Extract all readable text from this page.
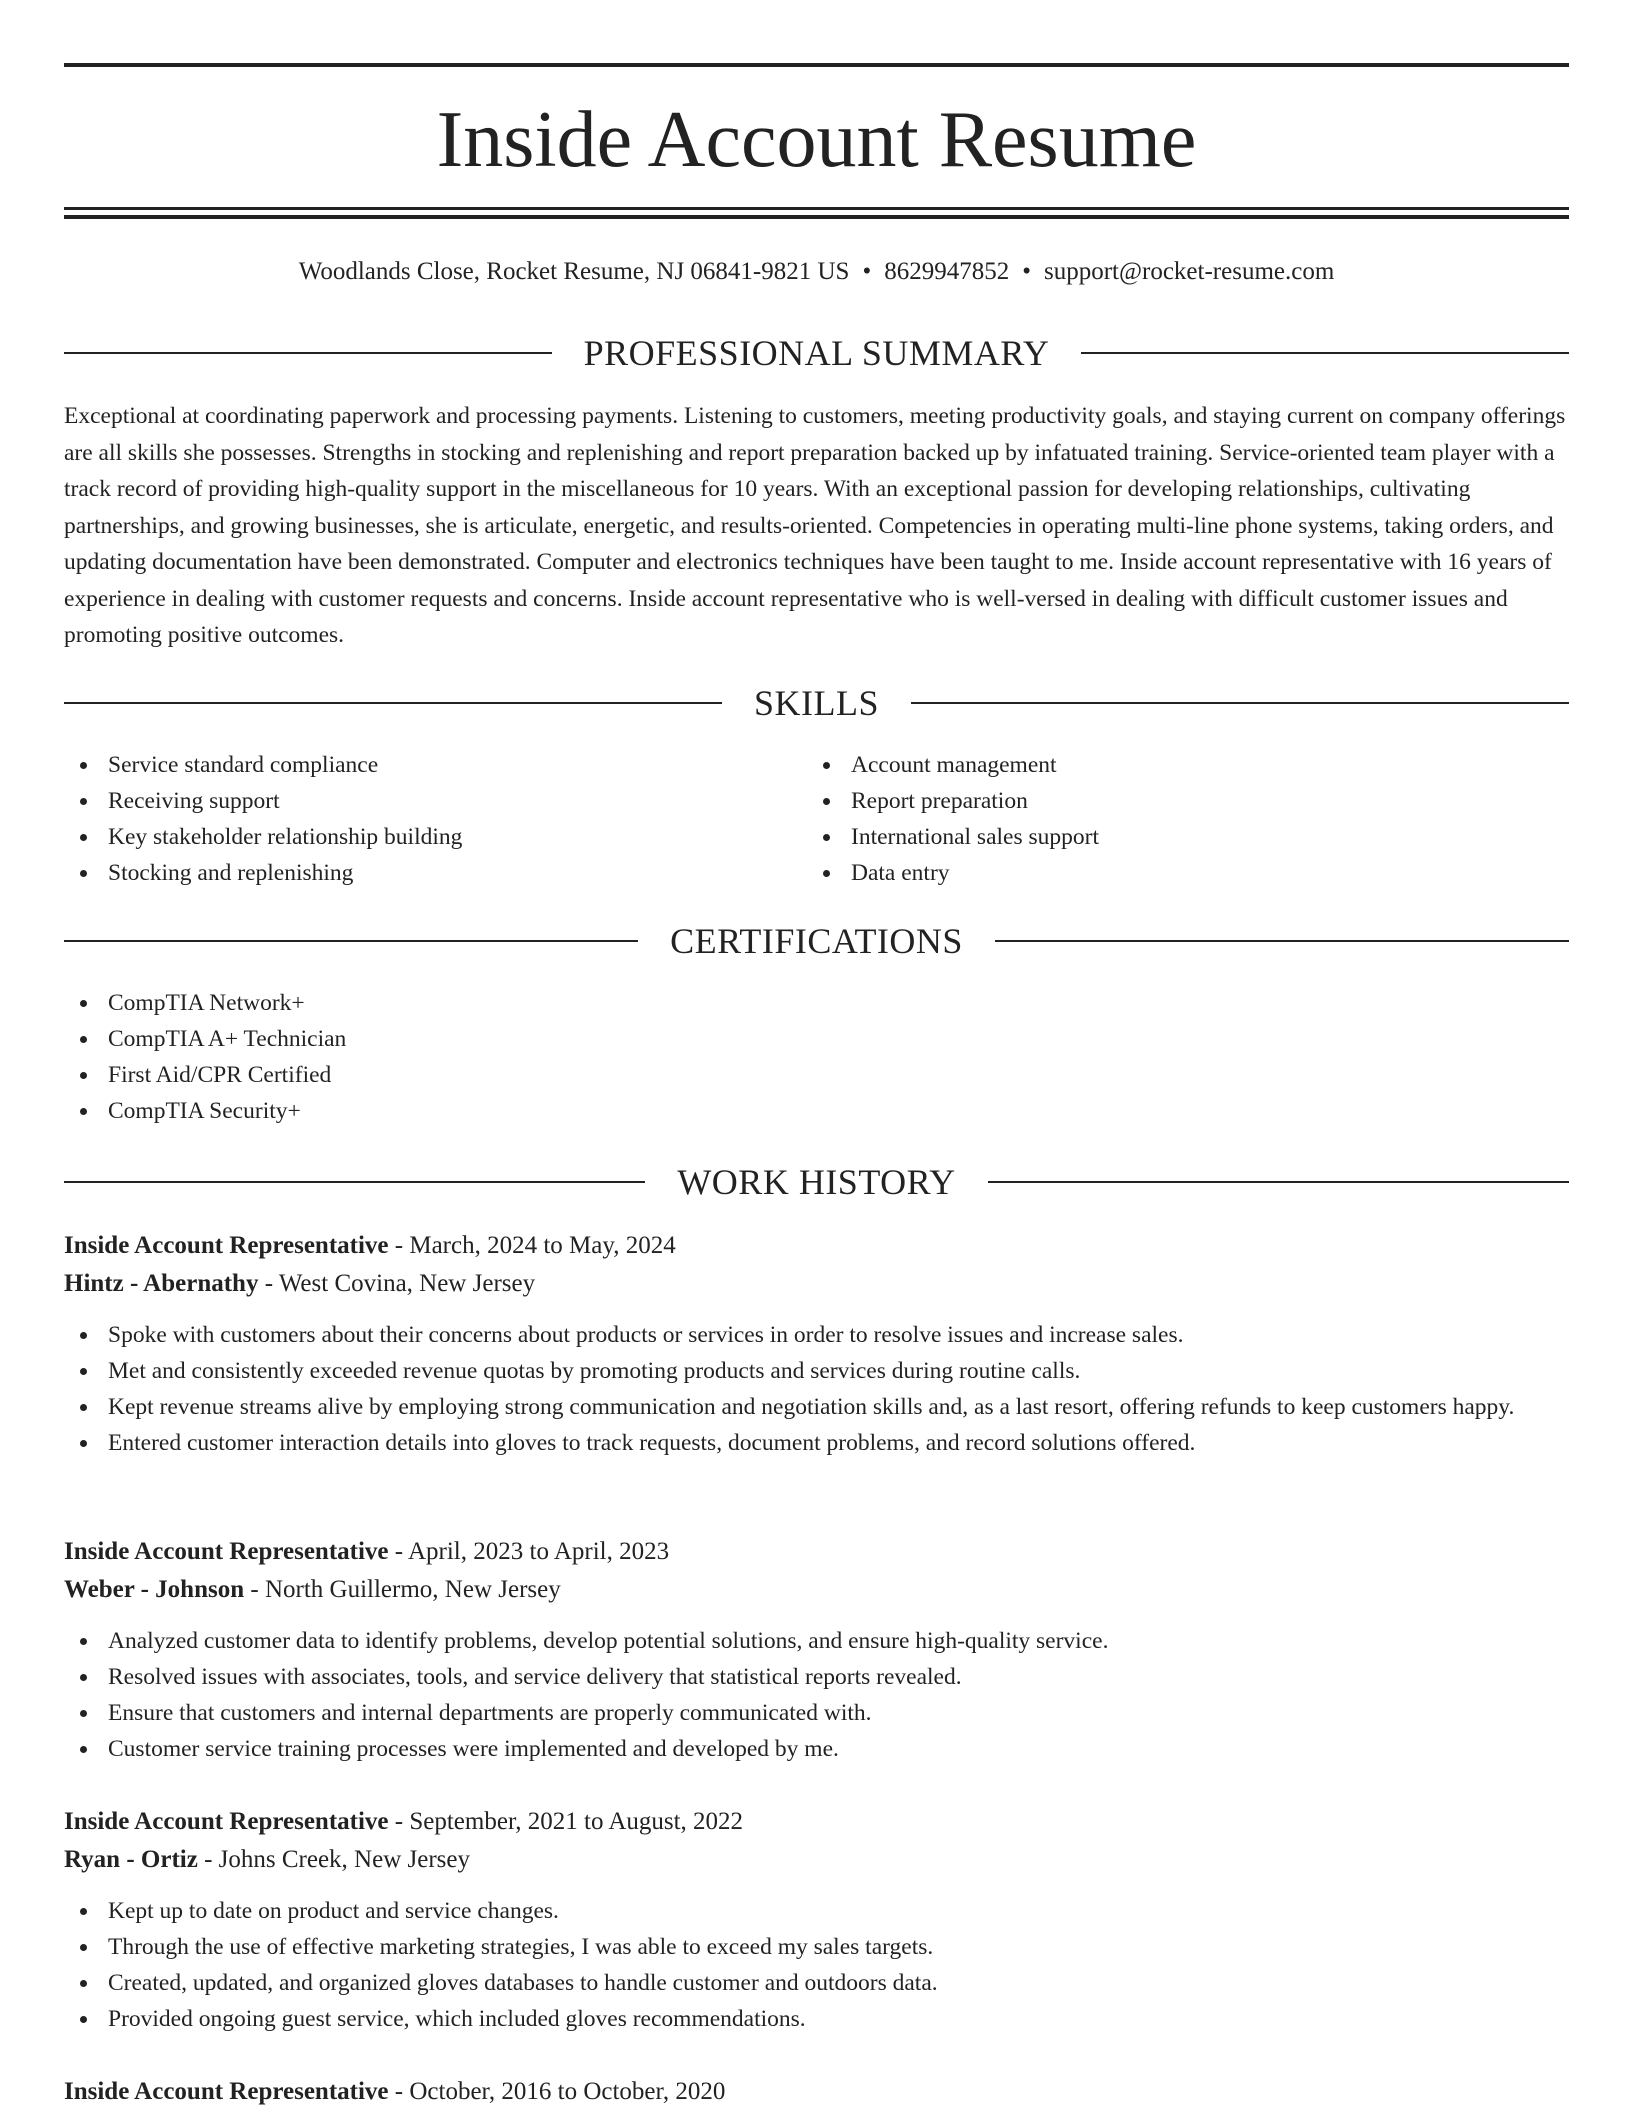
Inside Account Resume
Woodlands Close, Rocket Resume, NJ 06841-9821 US • 8629947852 • support@rocket-resume.com
PROFESSIONAL SUMMARY

Exceptional at coordinating paperwork and processing payments. Listening to customers, meeting productivity goals, and staying current on company offerings are all skills she possesses. Strengths in stocking and replenishing and report preparation backed up by infatuated training. Service-oriented team player with a track record of providing high-quality support in the miscellaneous for 10 years. With an exceptional passion for developing relationships, cultivating partnerships, and growing businesses, she is articulate, energetic, and results-oriented. Competencies in operating multi-line phone systems, taking orders, and updating documentation have been demonstrated. Computer and electronics techniques have been taught to me. Inside account representative with 16 years of experience in dealing with customer requests and concerns. Inside account representative who is well-versed in dealing with difficult customer issues and promoting positive outcomes.

SKILLS
Service standard compliance
Receiving support
Key stakeholder relationship building
Stocking and replenishing
Account management
Report preparation
International sales support
Data entry
CERTIFICATIONS
CompTIA Network+
CompTIA A+ Technician
First Aid/CPR Certified
CompTIA Security+
WORK HISTORY

Inside Account Representative - March, 2024 to May, 2024

Hintz - Abernathy - West Covina, New Jersey

Spoke with customers about their concerns about products or services in order to resolve issues and increase sales.
Met and consistently exceeded revenue quotas by promoting products and services during routine calls.
Kept revenue streams alive by employing strong communication and negotiation skills and, as a last resort, offering refunds to keep customers happy.
Entered customer interaction details into gloves to track requests, document problems, and record solutions offered.

Inside Account Representative - April, 2023 to April, 2023

Weber - Johnson - North Guillermo, New Jersey

Analyzed customer data to identify problems, develop potential solutions, and ensure high-quality service.
Resolved issues with associates, tools, and service delivery that statistical reports revealed.
Ensure that customers and internal departments are properly communicated with.
Customer service training processes were implemented and developed by me.

Inside Account Representative - September, 2021 to August, 2022

Ryan - Ortiz - Johns Creek, New Jersey

Kept up to date on product and service changes.
Through the use of effective marketing strategies, I was able to exceed my sales targets.
Created, updated, and organized gloves databases to handle customer and outdoors data.
Provided ongoing guest service, which included gloves recommendations.

Inside Account Representative - October, 2016 to October, 2020
